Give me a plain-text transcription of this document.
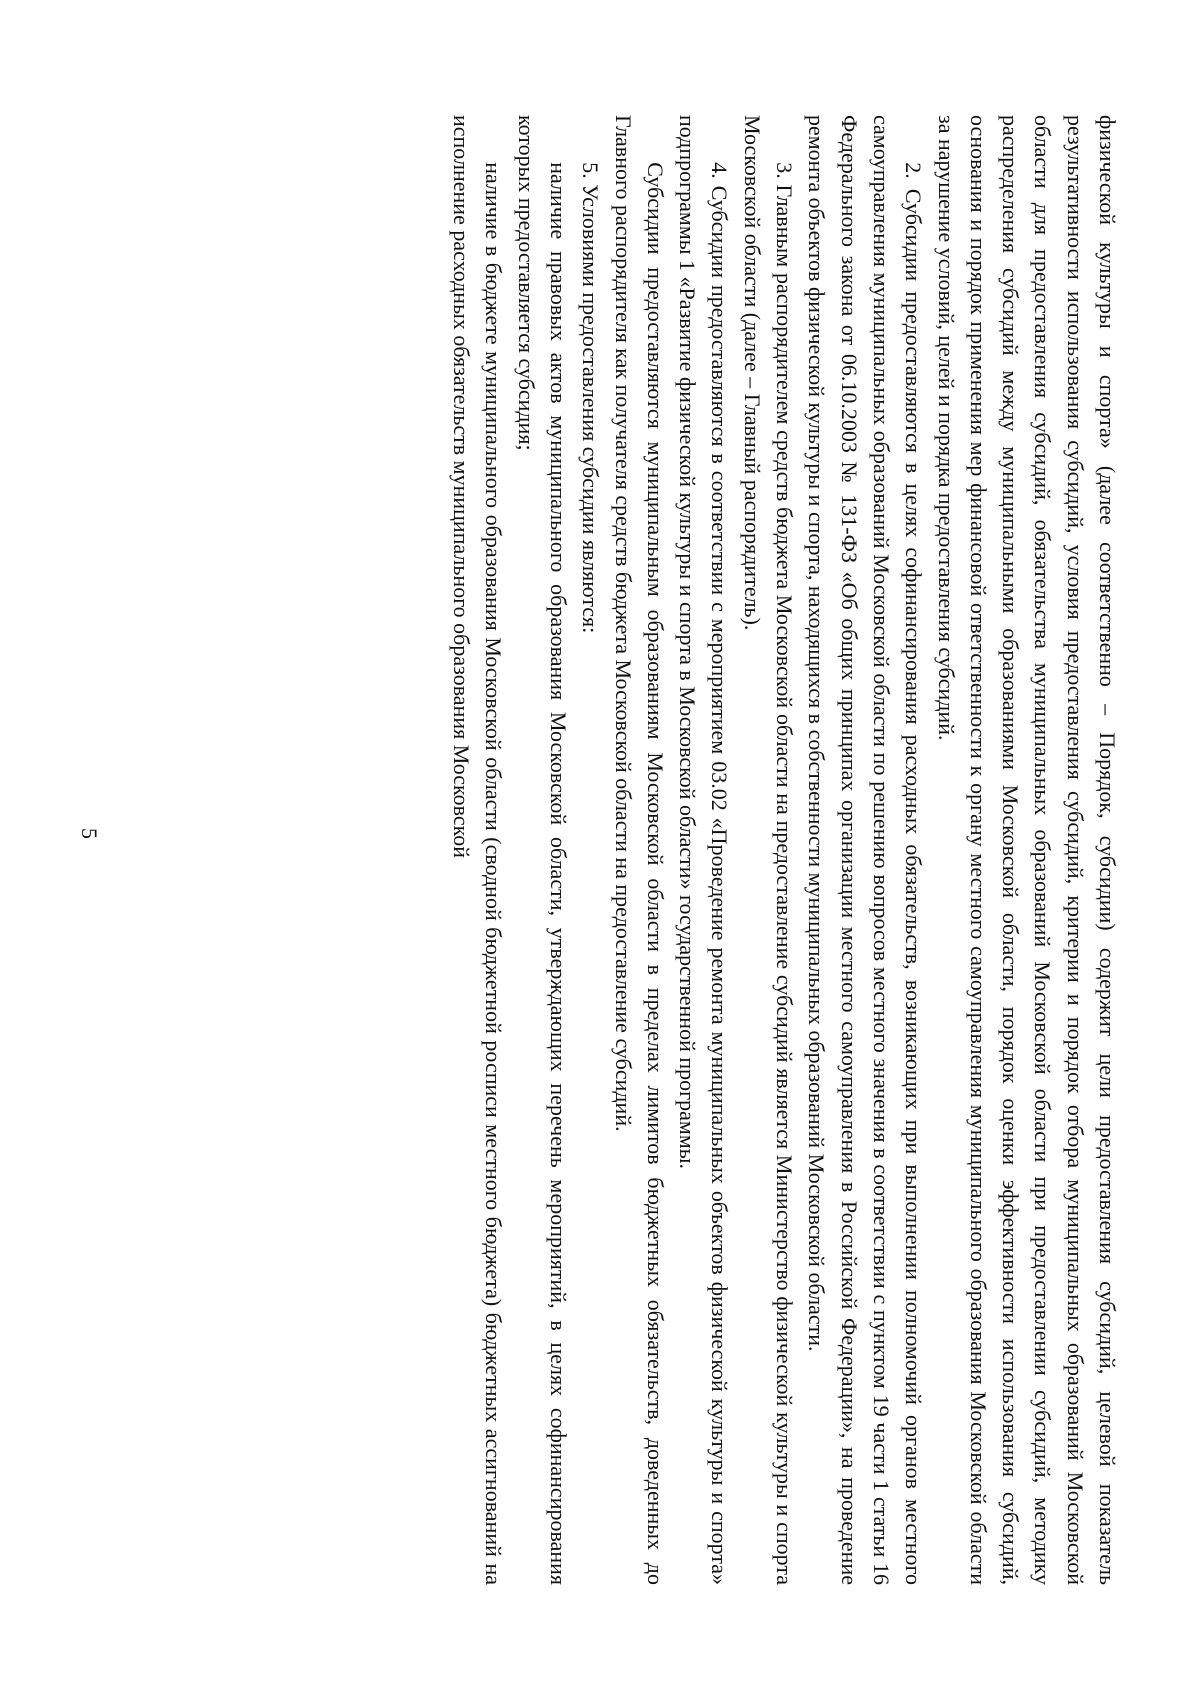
5	физической культуры и спорта» (далее соответственно – Порядок, субсидии) содержит цели предоставления субсидий, целевой показатель результативности использования субсидий, условия предоставления субсидий, критерии и порядок отбора муниципальных образований Московской области для предоставления субсидий, обязательства муниципальных образований Московской области при предоставлении субсидий, методику распределения субсидий между муниципальными образованиями Московской области, порядок оценки эффективности использования субсидий, основания и порядок применения мер финансовой ответственности к органу местного самоуправления муниципального образования Московской области за нарушение условий, целей и порядка предоставления субсидий.

2. Субсидии предоставляются в целях софинансирования расходных обязательств, возникающих при выполнении полномочий органов местного самоуправления муниципальных образований Московской области по решению вопросов местного значения в соответствии с пунктом 19 части 1 статьи 16 Федерального закона от 06.10.2003 № 131-ФЗ «Об общих принципах организации местного самоуправления в Российской Федерации», на проведение ремонта объектов физической культуры и спорта, находящихся в собственности муниципальных образований Московской области.

3. Главным распорядителем средств бюджета Московской области на предоставление субсидий является Министерство физической культуры и спорта Московской области (далее – Главный распорядитель).

4. Субсидии предоставляются в соответствии с мероприятием 03.02 «Проведение ремонта муниципальных объектов физической культуры и спорта» подпрограммы 1 «Развитие физической культуры и спорта в Московской области» государственной программы.

Субсидии предоставляются муниципальным образованиям Московской области в пределах лимитов бюджетных обязательств, доведенных до Главного распорядителя как получателя средств бюджета Московской области на предоставление субсидий.

5. Условиями предоставления субсидии являются:

наличие правовых актов муниципального образования Московской области, утверждающих перечень мероприятий, в целях софинансирования которых предоставляется субсидия;

наличие в бюджете муниципального образования Московской области (сводной бюджетной росписи местного бюджета) бюджетных ассигнований на исполнение расходных обязательств муниципального образования Московской
